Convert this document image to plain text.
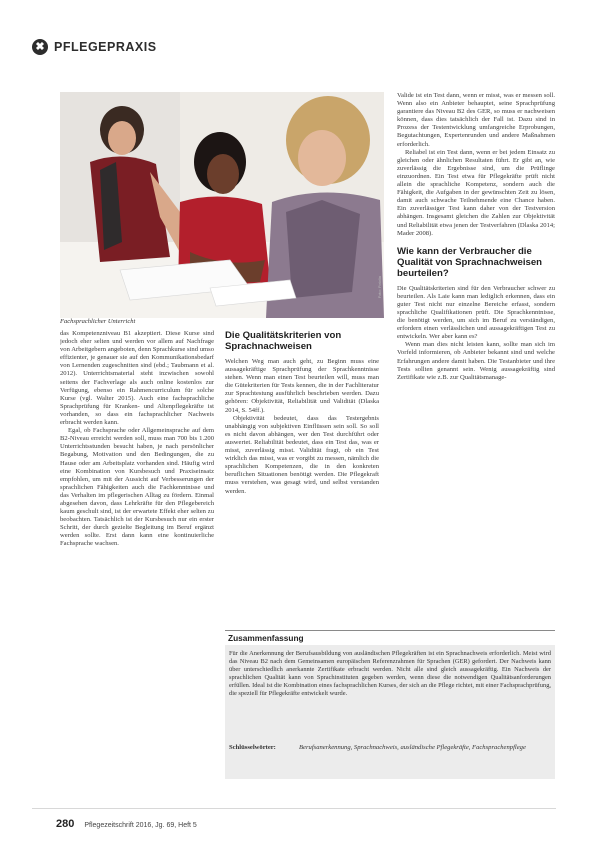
✖ PFLEGEPRAXIS
Foto: Fotolia
Fachsprachlicher Unterricht

das Kompetenzniveau B1 akzeptiert. Diese Kurse sind jedoch eher selten und werden vor allem auf Nachfrage von Arbeitgebern angeboten, denn Sprachkurse sind umso effizienter, je genauer sie auf den Kommunikationsbedarf von Lernenden zugeschnitten sind (ebd.; Taubmann et al. 2012). Unterrichtsmaterial steht inzwischen sowohl seitens der Fachverlage als auch online kostenlos zur Verfügung, ebenso ein Rahmencurriculum für solche Kurse (vgl. Walter 2015). Auch eine fachsprachliche Sprachprüfung für Kranken- und Altenpflegekräfte ist vorhanden, so dass ein fachsprachlicher Nachweis erbracht werden kann.

Egal, ob Fachsprache oder Allgemeinsprache auf dem B2-Niveau erreicht werden soll, muss man 700 bis 1.200 Unterrichtsstunden besucht haben, je nach persönlicher Begabung, Motivation und den Bedingungen, die zu Hause oder am Arbeitsplatz vorhanden sind. Häufig wird eine Kombination von Kursbesuch und Praxiseinsatz empfohlen, um mit der Aussicht auf Verbesserungen der sprachlichen Fähigkeiten auch die Fachkenntnisse und das Verhalten im pflegerischen Alltag zu fördern. Einmal abgesehen davon, dass Lehrkräfte für den Pflegebereich kaum geschult sind, ist der erwartete Effekt eher selten zu beobachten. Tatsächlich ist der Kursbesuch nur ein erster Schritt, der durch gezielte Begleitung im Beruf ergänzt werden sollte. Erst dann kann eine kontinuierliche Fachsprache wachsen.

Die Qualitätskriterien von Sprachnachweisen

Welchen Weg man auch geht, zu Beginn muss eine aussagekräftige Sprachprüfung der Sprachkenntnisse stehen. Wenn man einen Test beurteilen will, muss man die Gütekriterien für Tests kennen, die in der Fachliteratur zur Sprachtestung ausführlich beschrieben werden. Dazu gehören: Objektivität, Reliabilität und Validität (Dlaska 2014, S. 54ff.).

Objektivität bedeutet, dass das Testergebnis unabhängig von subjektiven Einflüssen sein soll. So soll es nicht davon abhängen, wer den Test durchführt oder auswertet. Reliabilität bedeutet, dass ein Test das, was er misst, zuverlässig misst. Validität fragt, ob ein Test wirklich das misst, was er vorgibt zu messen, nämlich die sprachlichen Kompetenzen, die in den konkreten beruflichen Situationen benötigt werden. Die Pflegekraft muss verstehen, was gesagt wird, und selbst verstanden werden.

Valide ist ein Test dann, wenn er misst, was er messen soll. Wenn also ein Anbieter behauptet, seine Sprachprüfung garantiere das Niveau B2 des GER, so muss er nachweisen können, dass dies tatsächlich der Fall ist. Dazu sind in Prozess der Testentwicklung umfangreiche Erprobungen, Begutachtungen, Expertenrunden und andere Maßnahmen erforderlich.

Reliabel ist ein Test dann, wenn er bei jedem Einsatz zu gleichen oder ähnlichen Resultaten führt. Er gibt an, wie zuverlässig die Ergebnisse sind, um die Prüflinge einzuordnen. Ein Test etwa für Pflegekräfte prüft nicht allein die sprachliche Kompetenz, sondern auch die Fähigkeit, die Aufgaben in der gewünschten Zeit zu lösen, damit auch schwache Teilnehmende eine Chance haben. Ein zuverlässiger Test kann daher von der Testversion abhängen. Insgesamt gleichen die Zahlen zur Objektivität und Reliabilität etwa jenen der Testverfahren (Dlaska 2014; Mader 2008).

Wie kann der Verbraucher die Qualität von Sprachnachweisen beurteilen?

Die Qualitätskriterien sind für den Verbraucher schwer zu beurteilen. Als Laie kann man lediglich erkennen, dass ein guter Test nicht nur einzelne Bereiche erfasst, sondern sprachliche Qualifikationen prüft. Die Sprachkenntnisse, die benötigt werden, um sich im Beruf zu verständigen, erfordern einen verlässlichen und aussagekräftigen Test zu entwickeln. Wer aber kann es?

Wenn man dies nicht leisten kann, sollte man sich im Vorfeld informieren, ob Anbieter bekannt sind und welche Erfahrungen andere damit haben. Die Testanbieter und ihre Tests sollten genannt sein. Wenig aussagekräftig sind Zertifikate wie z.B. zur Qualitätsmanage-

Zusammenfassung
Für die Anerkennung der Berufsausbildung von ausländischen Pflegekräften ist ein Sprachnachweis erforderlich. Meist wird das Niveau B2 nach dem Gemeinsamen europäischen Referenzrahmen für Sprachen (GER) gefordert. Der Nachweis kann über unterschiedlich anerkannte Zertifikate erbracht werden. Nicht alle sind gleich aussagekräftig. Ein Nachweis der sprachlichen Qualität kann von Sprachinstituten gegeben werden, wenn diese die notwendigen Qualitätsanforderungen erfüllen. Ideal ist die Kombination eines fachsprachlichen Kurses, der sich an die Pflege richtet, mit einer Fachsprachprüfung, die speziell für Pflegekräfte entwickelt wurde.
Schlüsselwörter:	Berufsanerkennung, Sprachnachweis, ausländische Pflegekräfte, Fachsprachenpflege
280 Pflegezeitschrift 2016, Jg. 69, Heft 5
